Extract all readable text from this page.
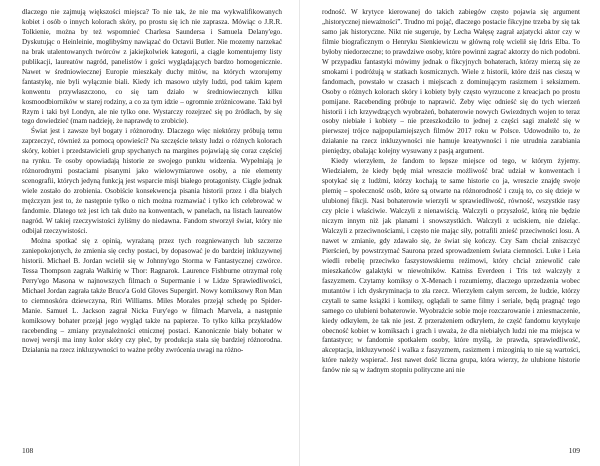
dlaczego nie zajmują większości miejsca? To nie tak, że nie ma wykwalifikowanych kobiet i osób o innych kolorach skóry, po prostu się ich nie zaprasza. Mówiąc o J.R.R. Tolkienie, można by też wspomnieć Charlesa Saundersa i Samuela Delany'ego. Dyskutując o Heinleinie, moglibyśmy nawiązać do Octavii Butler. Nie mozemy narzekać na brak utalentowanych twórców z jakiejkolwiek kategorii, a ciągle komentujemy listy publikacji, laureatów nagród, panelistów i gości wyglądających bardzo homogenicznie. Nawet w średniowiecznej Europie mieszkały duchy mitów, na których wzorujemy fantastykę, nie byli wyłącznie biali. Kiedy ich masowo użyły ludzi, pod takim kątem konwentu przywłaszczono, co się tam działo w średniowiecznych kilku kosmoodbiorników w starej rodziny, a co za tym idzie – ogromnie zróżnicowane. Taki był Rzym i taki był Londyn, ale nie tylko one. Wystarczy rozejrzeć się po źródłach, by się tego dowiedzieć (mam nadzieję, że naprawdę to zrobicie).

Świat jest i zawsze był bogaty i różnorodny. Dlaczego więc niektórzy próbują temu zaprzeczyć, również za pomocą opowieści? Na szczęście teksty ludzi o różnych kolorach skóry, kobiet i przedstawicieli grup spychanych na margines pojawiają się coraz częściej na rynku. Te osoby opowiadają historie ze swojego punktu widzenia. Wypełniają je różnorodnymi postaciami pisanymi jako wielowymiarowe osoby, a nie elementy scenografii, których jedyną funkcją jest wsparcie misji białego protagonisty. Ciągle jednak wiele zostało do zrobienia. Osobiście konsekwencja pisania historii przez i dla białych mężczyzn jest to, że następnie tylko o nich można rozmawiać i tylko ich celebrować w fandomie. Dlatego też jest ich tak dużo na konwentach, w panelach, na listach laureatów nagród. W takiej rzeczywistości żyliśmy do niedawna. Fandom stworzył świat, który nie odbijał rzeczywistości.

Można spotkać się z opinią, wyrażaną przez tych rozgniewanych lub szczerze zaniepokojonych, że zmienia się cechy postaci, by dopasować je do bardziej inkluzywnej historii. Michael B. Jordan wcielił się w Johnny'ego Storma w Fantastycznej czwórce. Tessa Thompson zagrała Walkirię w Thor: Ragnarok. Laurence Fishburne otrzymał rolę Perry'ego Masona w najnowszych filmach o Supermanie i w Lidze Sprawiedliwości, Michael Jordan zagrała także Bruce'a Gold Gloves Supergirl. Nowy komiksowy Ron Man to ciemnoskóra dziewczyna, Riri Williams. Miles Morales przejął schedę po Spider-Manie. Samuel L. Jackson zagrał Nicka Fury'ego w filmach Marvela, a następnie komiksowy bohater przejął jego wygląd także na papierze. To tylko kilka przykładów racebending – zmiany przynależności etnicznej postaci. Kanonicznie biały bohater w nowej wersji ma inny kolor skóry czy płeć, by produkcja stała się bardziej różnorodna. Działania na rzecz inkluzywności to ważne próby zwrócenia uwagi na różno-

108

rodność. W krytyce kierowanej do takich zabiegów często pojawia się argument „historycznej nieważności”. Trudno mi pojąć, dlaczego postacie fikcyjne trzeba by się tak samo jak historyczne. Nikt nie sugeruje, by Lecha Wałęsę zagrał azjatycki aktor czy w filmie biograficznym o Henryku Sienkiewiczu w główną rolę wcielił się Idris Elba. To byłoby niedorzeczne; to prawdziwe osoby, które powinni zagrać aktorzy do nich podobni. W przypadku fantastyki mówimy jednak o fikcyjnych bohaterach, którzy mierzą się ze smokami i podróżują w statkach kosmicznych. Wiele z historii, które dziś nas cieszą w fandomach, powstało w czasach i miejscach z dominującym rasizmem i seksizmem. Osoby o różnych kolorach skóry i kobiety były często wyrzucone z kreacjach po prostu pomijane. Racebending próbuje to naprawić. Żeby więc odnieść się do tych wierzeń historii i ich krzywdzących wyobrażeń, bohaterowie nowych Gwiezdnych wojen to teraz osoby niebiałe i kobiety – nie przeszkodziło to jednej z części sagi znaleźć się w pierwszej trójce najpopularniejszych filmów 2017 roku w Polsce. Udowodniło to, że działanie na rzecz inkluzywności nie hamuje kreatywności i nie utrudnia zarabiania pieniędzy, obalając kolejny wysuwany z pasją argument.

Kiedy wierzyłem, że fandom to lepsze miejsce od tego, w którym żyjemy. Wiedziałem, że kiedy będę miał wreszcie możliwość brać udział w konwentach i spotykać się z ludźmi, którzy kochają te same historie co ja, wreszcie znajdę swoje plemię – społeczność osób, które są otwarte na różnorodność i czują to, co się dzieje w ulubionej fikcji. Nasi bohaterowie wierzyli w sprawiedliwość, równość, wszystkie rasy czy płcie i właściwie. Walczyli z nienawiścią. Walczyli o przyszłość, którą nie będzie niczym innym niż jak planami i snowszystkich. Walczyli z uciskiem, nie dzieląc. Walczyli z przeciwnościami, i często nie mając siły, potrafili znieść przeciwności losu. A nawet w zmianie, gdy zdawało się, że świat się kończy. Czy Sam chciał zniszczyć Pierścień, by powstrzymać Saurona przed sprowadzeniem świata ciemności. Luke i Leia wiedli rebelię przeciwko faszystowskiemu reżimowi, który chciał zniewolić całe mieszkańców galaktyki w niewolników. Katniss Everdeen i Tris też walczyły z faszyzmem. Czytamy komiksy o X-Menach i rozumiemy, dlaczego uprzedzenia wobec mutantów i ich dyskryminacja to zła rzecz. Wierzyłem całym sercem, że ludzie, którzy czytali te same książki i komiksy, oglądali te same filmy i seriale, będą pragnąć tego samego co ulubieni bohaterowie. Wyobraźcie sobie moje rozczarowanie i zniesmaczenie, kiedy odkryłem, że tak nie jest. Z przerażeniem odkryłem, że część fandomu krytykuje obecność kobiet w komiksach i grach i uważa, że dla niebiałych ludzi nie ma miejsca w fantastyce; w fandomie spotkałem osoby, które myślą, że prawda, sprawiedliwość, akceptacja, inkluzywność i walka z faszyzmem, rasizmem i mizoginią to nie są wartości, które należy wspierać. Jest nawet dość liczna grupa, która wierzy, że ulubione historie fanów nie są w żadnym stopniu polityczne ani nie

109
